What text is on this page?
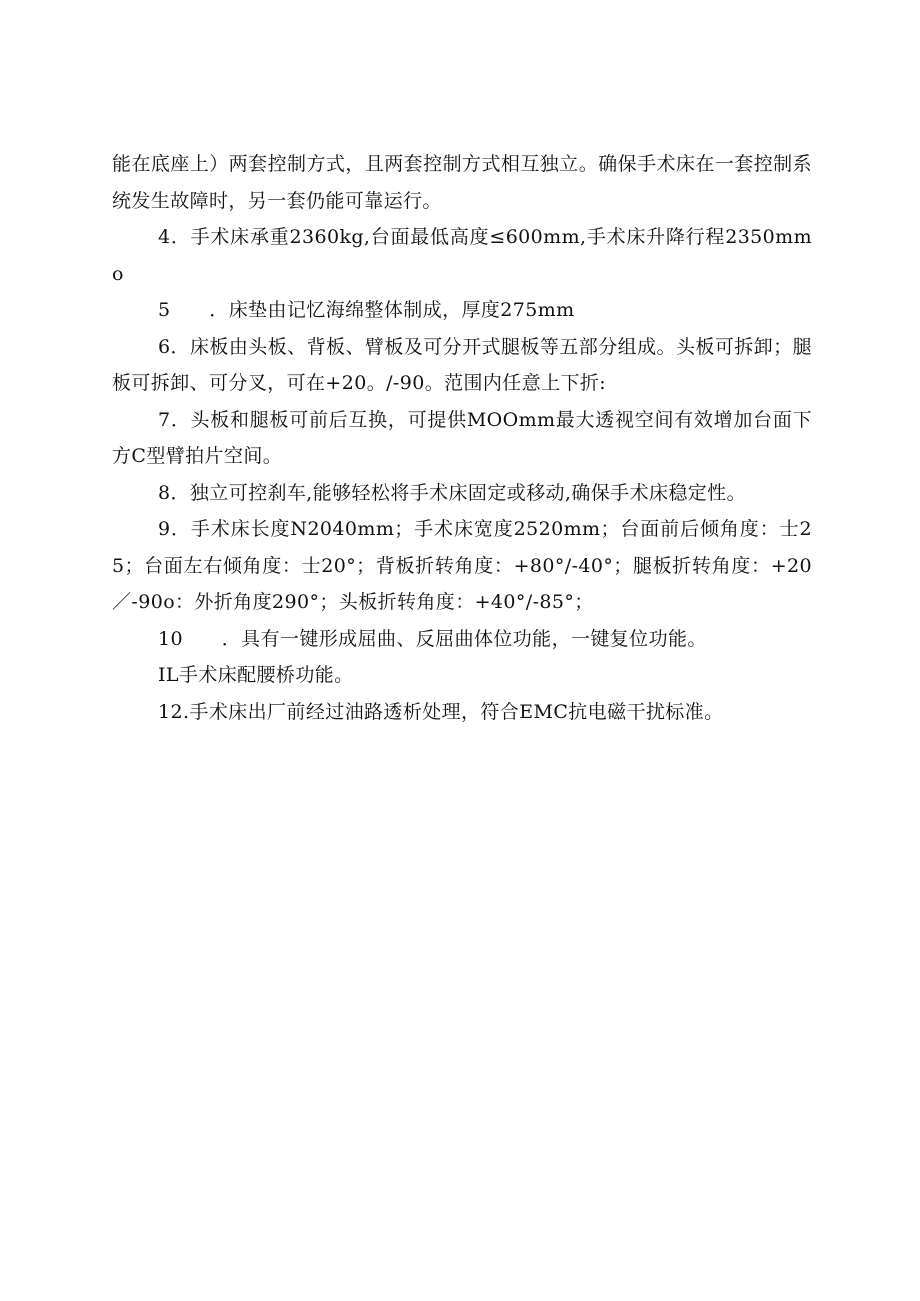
能在底座上）两套控制方式，且两套控制方式相互独立。确保手术床在一套控制系统发生故障时，另一套仍能可靠运行。

4．手术床承重2360kg,台面最低高度≤600mm,手术床升降行程2350mmo

5　　．床垫由记忆海绵整体制成，厚度275mm

6．床板由头板、背板、臂板及可分开式腿板等五部分组成。头板可拆卸；腿板可拆卸、可分叉，可在+20。/-90。范围内任意上下折:

7．头板和腿板可前后互换，可提供MOOmm最大透视空间有效增加台面下方C型臂拍片空间。

8．独立可控刹车,能够轻松将手术床固定或移动,确保手术床稳定性。

9．手术床长度N2040mm；手术床宽度2520mm；台面前后倾角度：士25；台面左右倾角度：士20°；背板折转角度：+80°/-40°；腿板折转角度：+20／-90o：外折角度290°；头板折转角度：+40°/-85°；

10　　．具有一键形成屈曲、反屈曲体位功能，一键复位功能。

IL手术床配腰桥功能。

12.手术床出厂前经过油路透析处理，符合EMC抗电磁干扰标准。
